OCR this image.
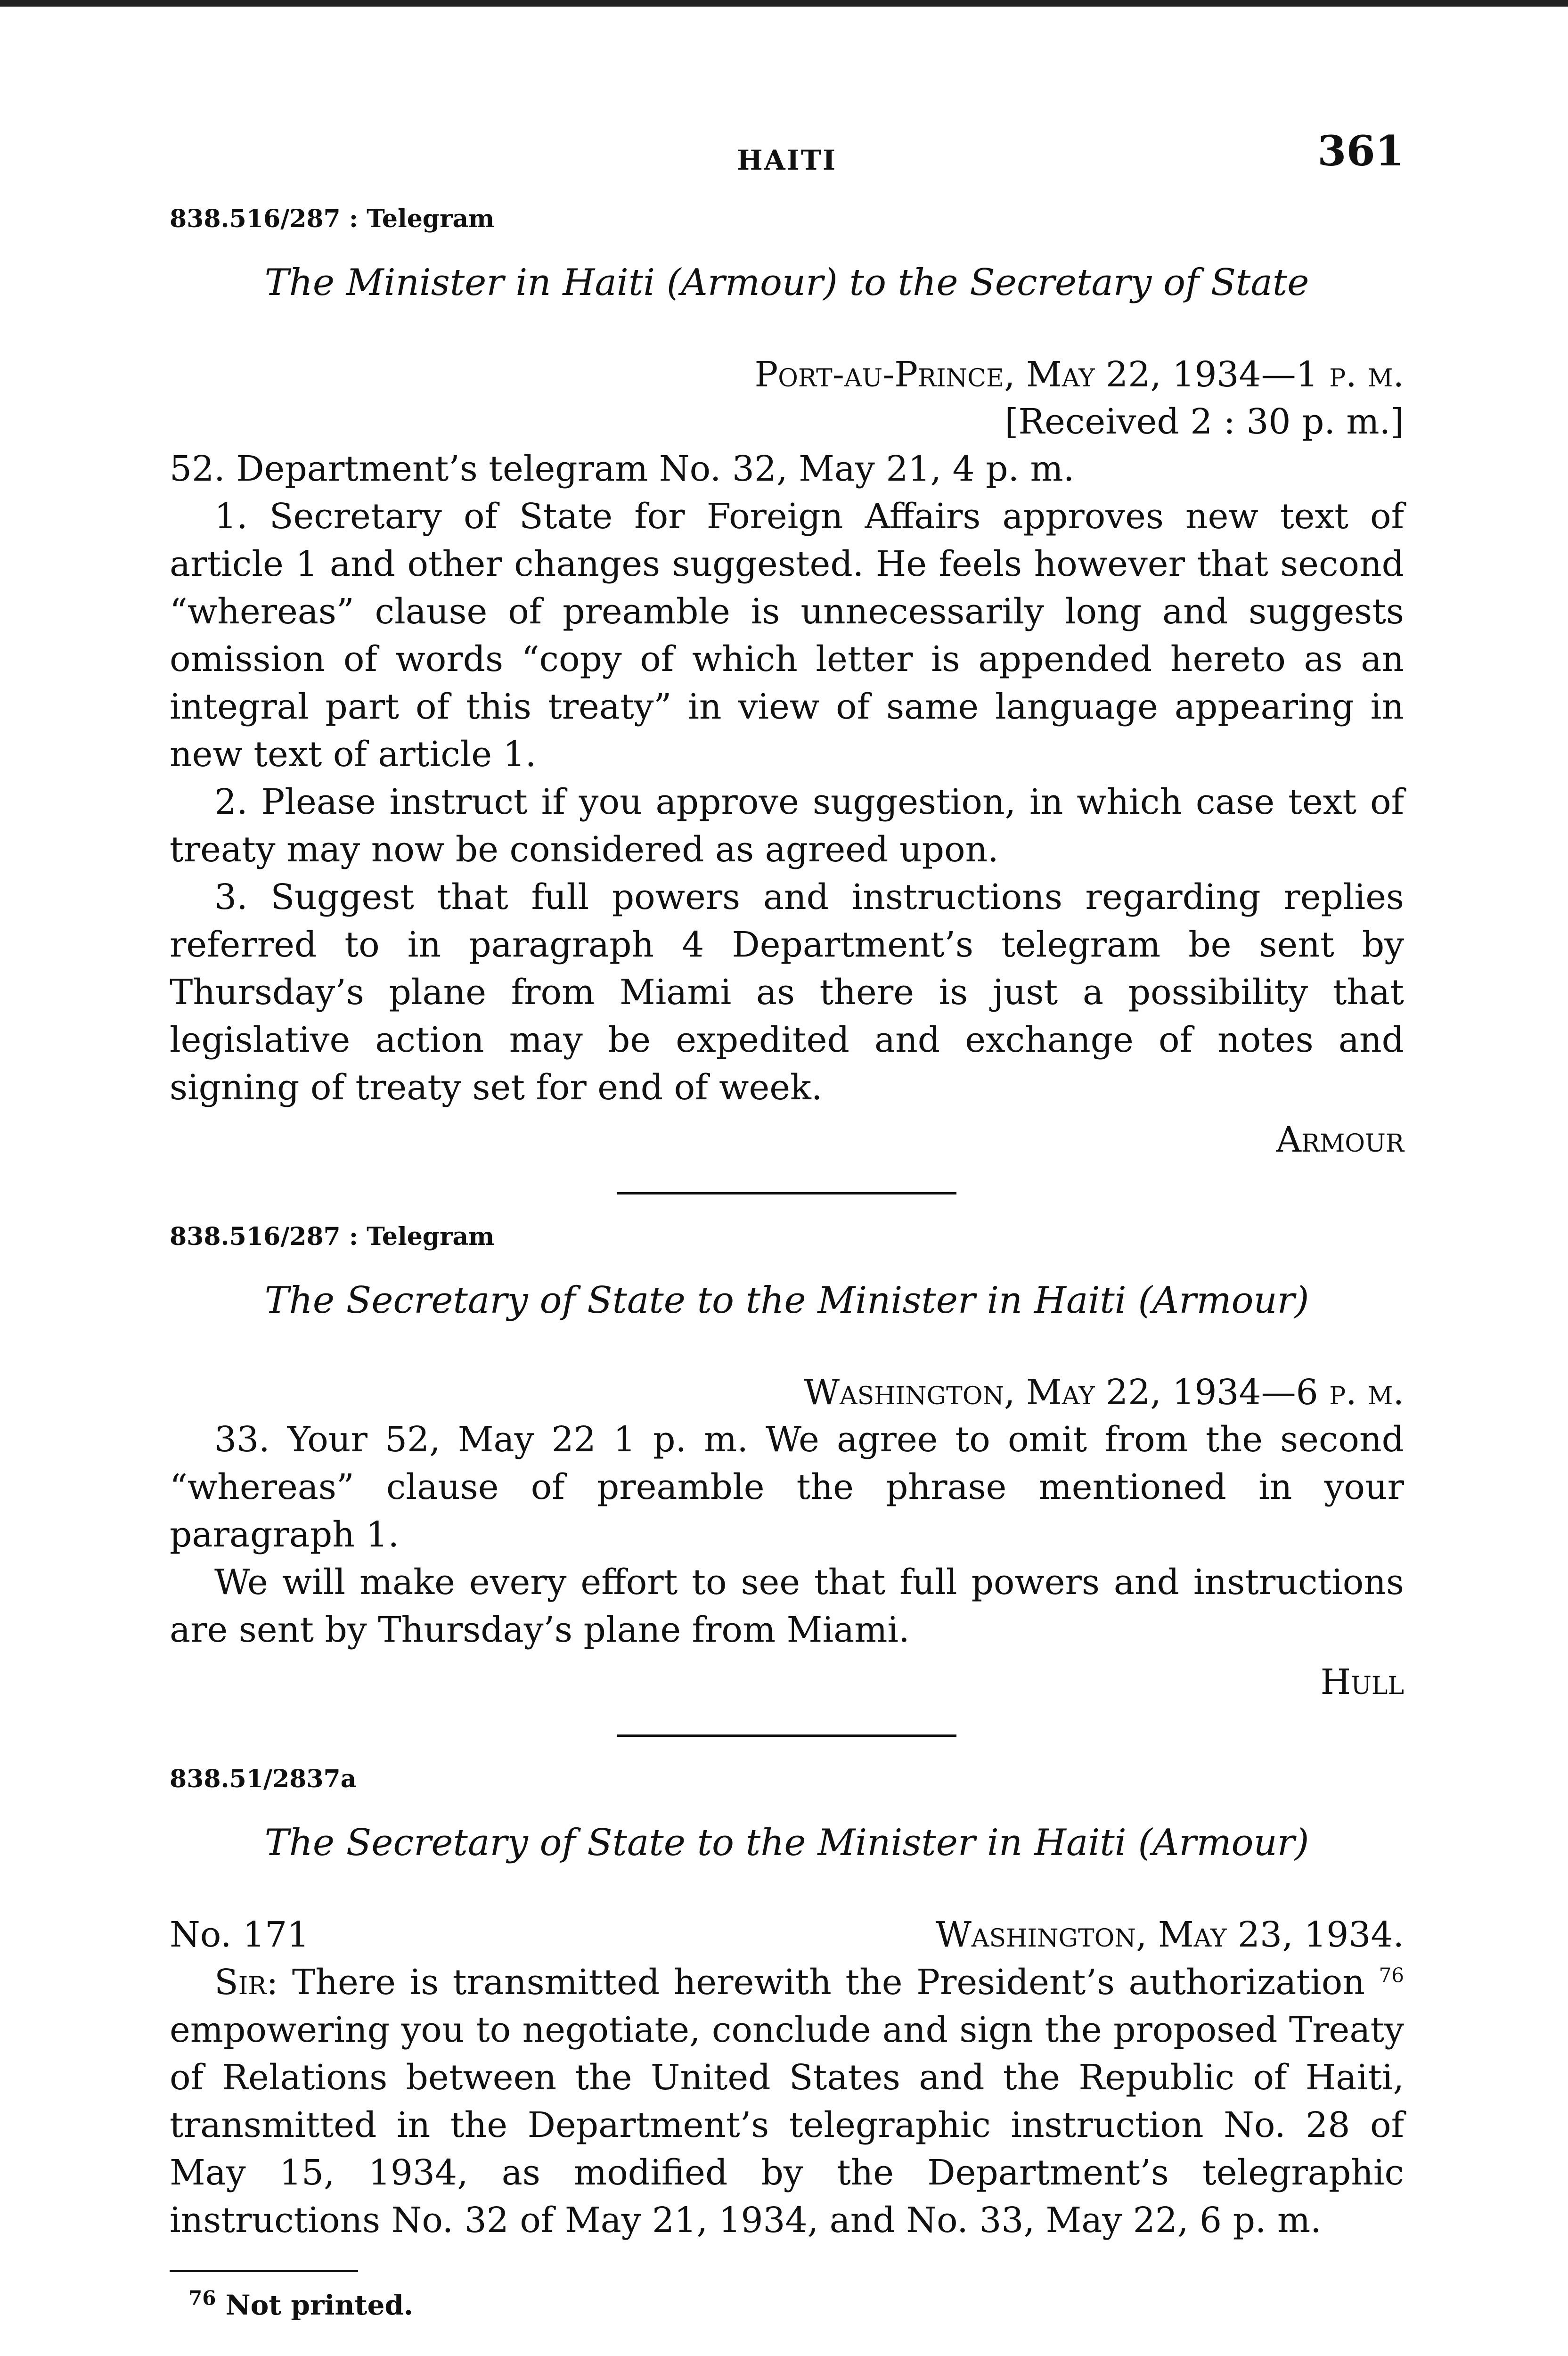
HAITI	361
838.516/287 : Telegram
The Minister in Haiti (Armour) to the Secretary of State
Port-au-Prince, May 22, 1934—1 p. m.
[Received 2 : 30 p. m.]

52. Department’s telegram No. 32, May 21, 4 p. m.

1. Secretary of State for Foreign Affairs approves new text of article 1 and other changes suggested. He feels however that second “whereas” clause of preamble is unnecessarily long and suggests omission of words “copy of which letter is appended hereto as an integral part of this treaty” in view of same language appearing in new text of article 1.

2. Please instruct if you approve suggestion, in which case text of treaty may now be considered as agreed upon.

3. Suggest that full powers and instructions regarding replies referred to in paragraph 4 Department’s telegram be sent by Thursday’s plane from Miami as there is just a possibility that legislative action may be expedited and exchange of notes and signing of treaty set for end of week.

Armour
838.516/287 : Telegram
The Secretary of State to the Minister in Haiti (Armour)
Washington, May 22, 1934—6 p. m.

33. Your 52, May 22 1 p. m. We agree to omit from the second “whereas” clause of preamble the phrase mentioned in your paragraph 1.

We will make every effort to see that full powers and instructions are sent by Thursday’s plane from Miami.

Hull
838.51/2837a
The Secretary of State to the Minister in Haiti (Armour)
No. 171	Washington, May 23, 1934.

Sir: There is transmitted herewith the President’s authorization $^{76}$ empowering you to negotiate, conclude and sign the proposed Treaty of Relations between the United States and the Republic of Haiti, transmitted in the Department’s telegraphic instruction No. 28 of May 15, 1934, as modified by the Department’s telegraphic instructions No. 32 of May 21, 1934, and No. 33, May 22, 6 p. m.

$^{76}$ Not printed.
